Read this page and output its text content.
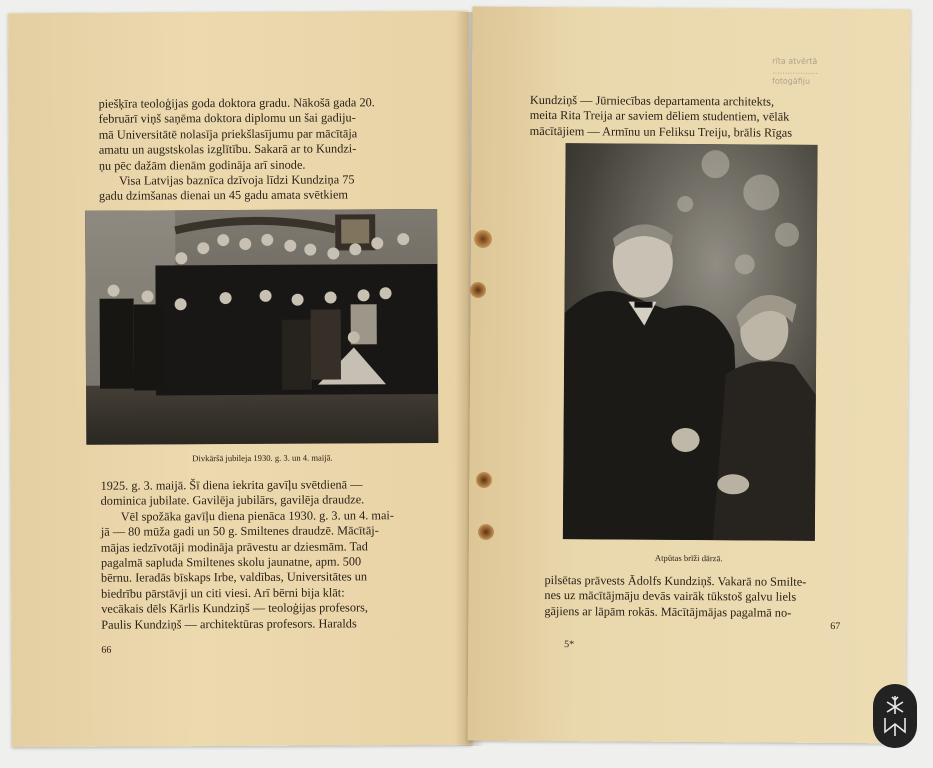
piešķīra teoloģijas goda doktora gradu. Nākošā gada 20.

februārī viņš saņēma doktora diplomu un šai gadiju-

mā Universitātē nolasīja priekšlasījumu par mācītāja

amatu un augstskolas izglītību. Sakarā ar to Kundzi-

ņu pēc dažām dienām godināja arī sinode.

Visa Latvijas baznīca dzīvoja līdzi Kundziņa 75

gadu dzimšanas dienai un 45 gadu amata svētkiem

Divkāršā jubileja 1930. g. 3. un 4. maijā.

1925. g. 3. maijā. Šī diena iekrita gavīļu svētdienā —

dominica jubilate. Gavilēja jubilārs, gavilēja draudze.

Vēl spožāka gavīļu diena pienāca 1930. g. 3. un 4. mai-

jā — 80 mūža gadi un 50 g. Smiltenes draudzē. Mācītāj-

mājas iedzīvotāji modināja prāvestu ar dziesmām. Tad

pagalmā sapluda Smiltenes skolu jaunatne, apm. 500

bērnu. Ieradās bīskaps Irbe, valdības, Universitātes un

biedrību pārstāvji un citi viesi. Arī bērni bija klāt:

vecākais dēls Kārlis Kundziņš — teoloģijas profesors,

Paulis Kundziņš — architektūras profesors. Haralds

66
rīta atvērtā
..................
fotogāfiju

Kundziņš — Jūrniecības departamenta architekts,

meita Rita Treija ar saviem dēliem studentiem, vēlāk

mācītājiem — Armīnu un Feliksu Treiju, brālis Rīgas

Atpūtas brīži dārzā.

pilsētas prāvests Ādolfs Kundziņš. Vakarā no Smilte-

nes uz mācītājmāju devās vairāk tūkstoš galvu liels

gājiens ar lāpām rokās. Mācītājmājas pagalmā no-

5*
67
